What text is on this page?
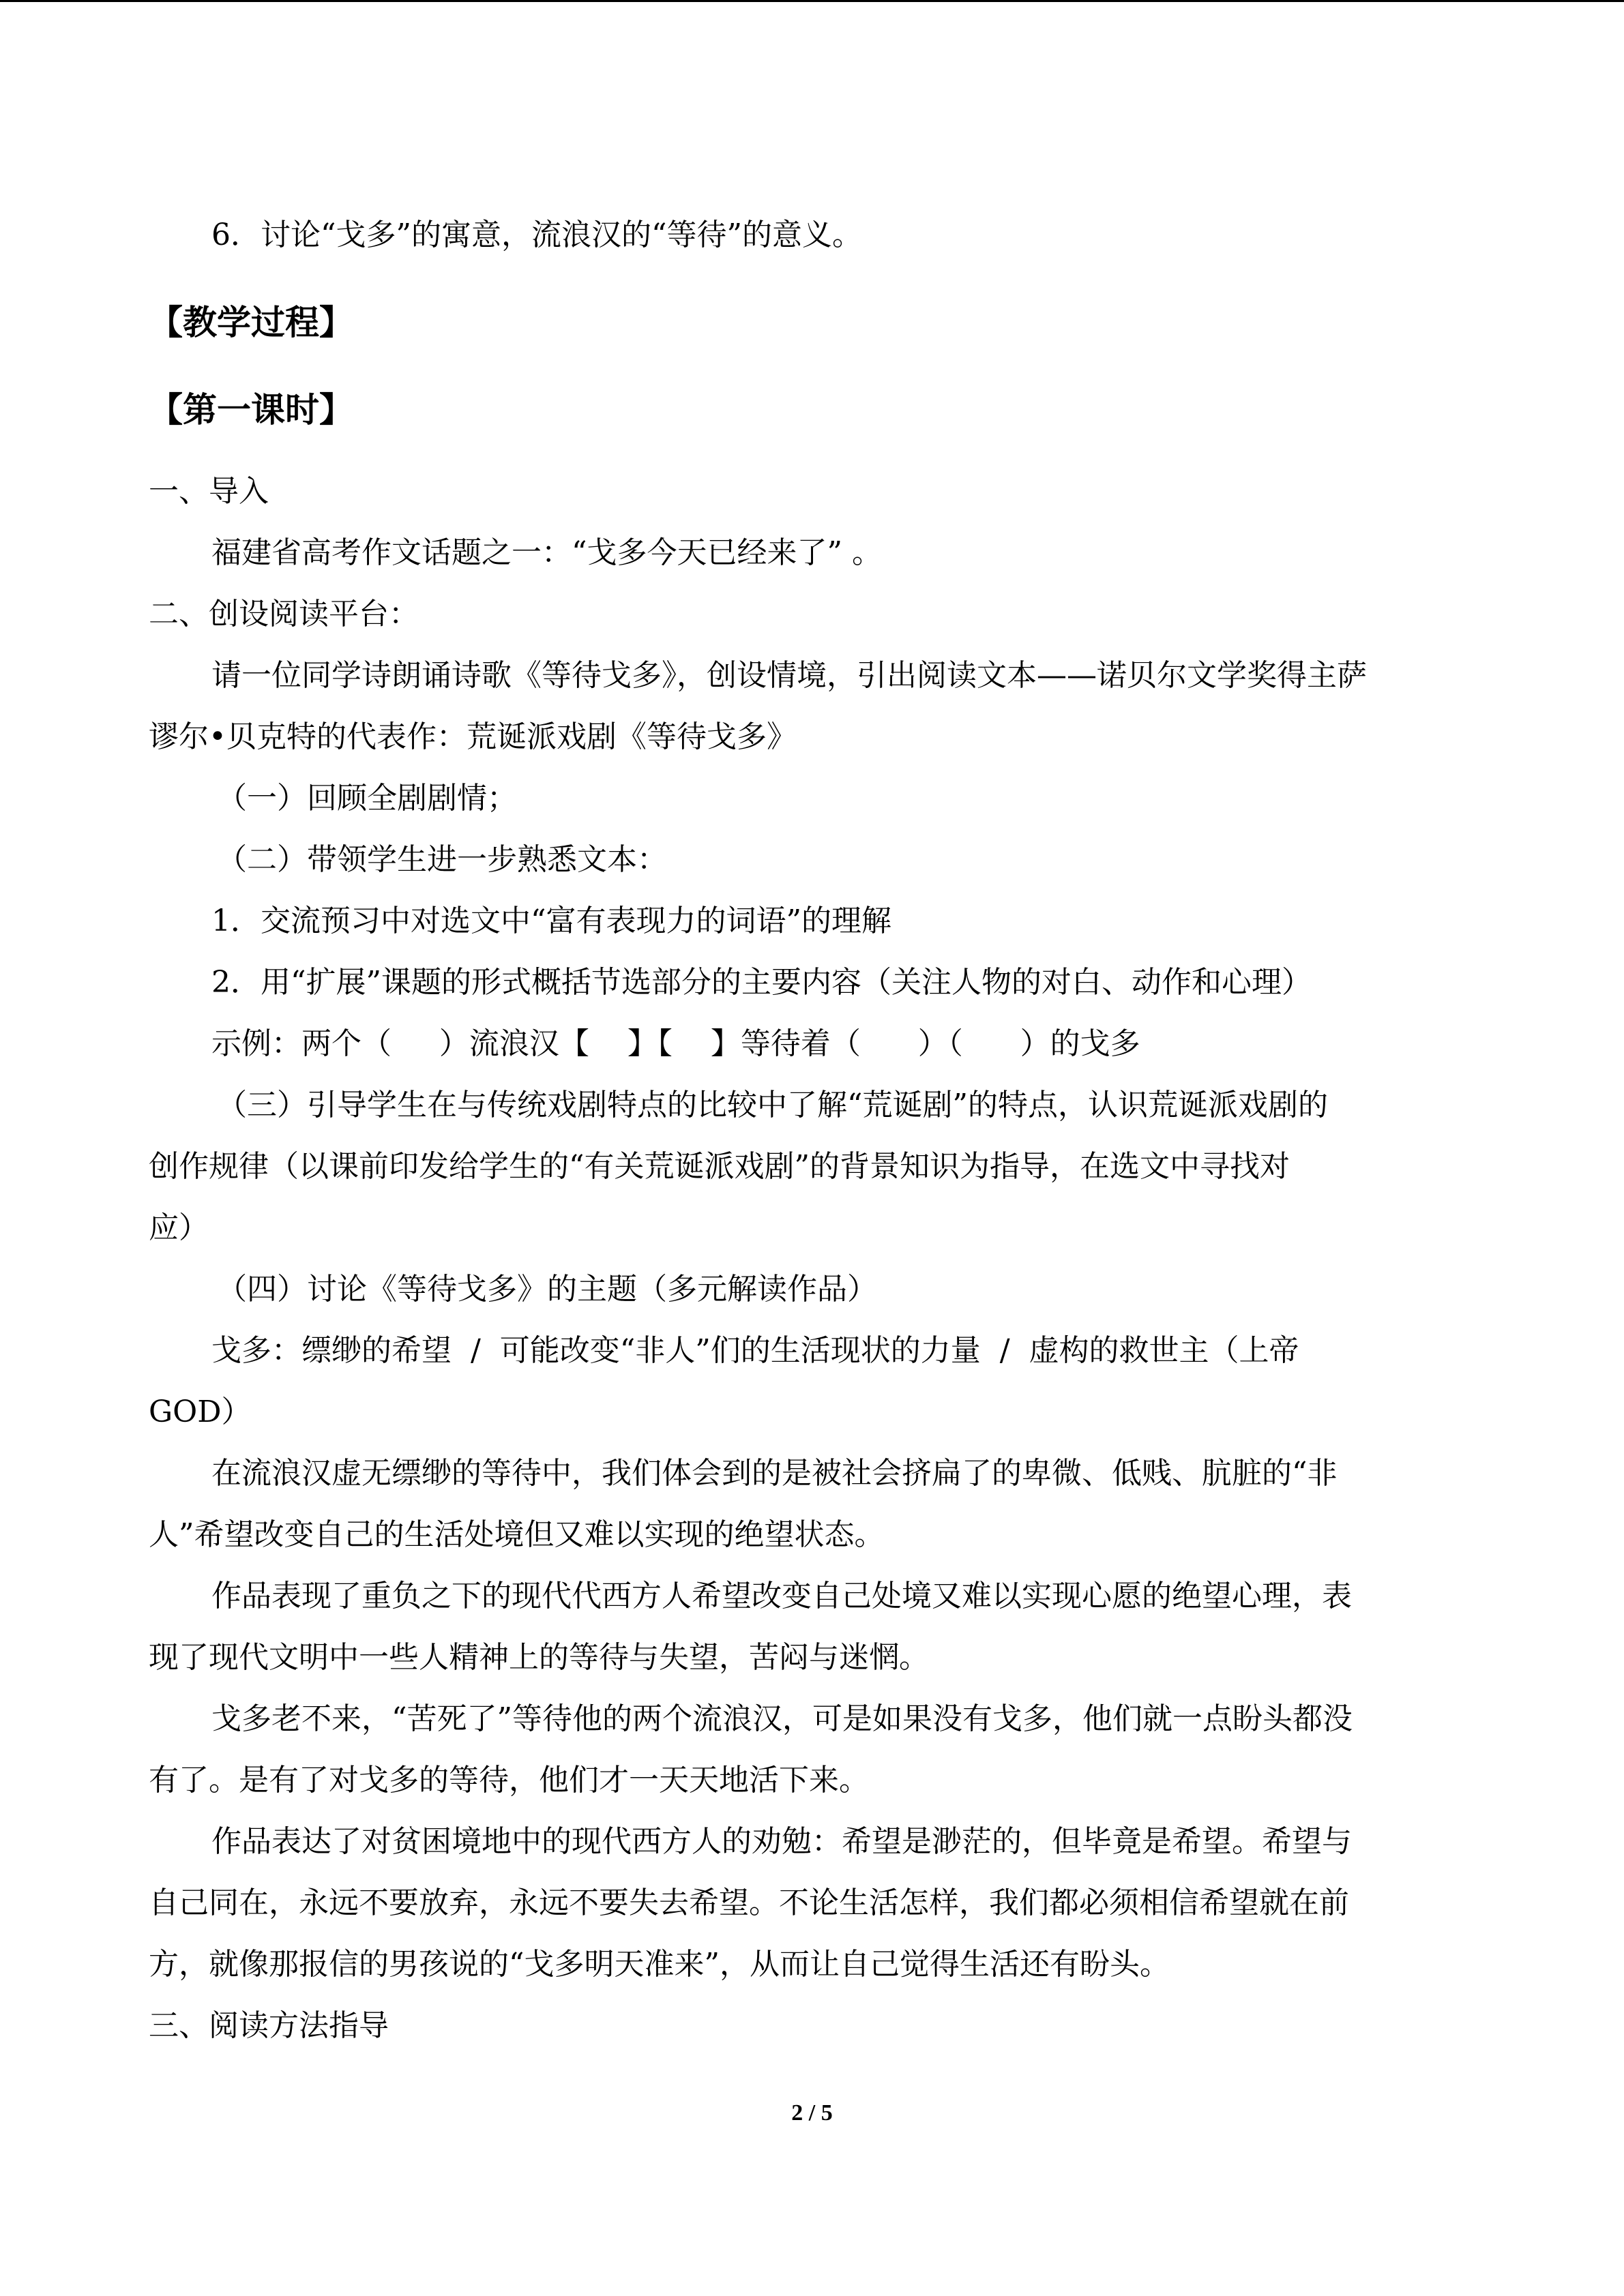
6．讨论“戈多”的寓意，流浪汉的“等待”的意义。

【教学过程】

【第一课时】

一、导入

福建省高考作文话题之一：“戈多今天已经来了” 。

二、创设阅读平台：

请一位同学诗朗诵诗歌《等待戈多》，创设情境，引出阅读文本——诺贝尔文学奖得主萨

谬尔•贝克特的代表作：荒诞派戏剧《等待戈多》

（一）回顾全剧剧情；

（二）带领学生进一步熟悉文本：

1．交流预习中对选文中“富有表现力的词语”的理解

2．用“扩展”课题的形式概括节选部分的主要内容（关注人物的对白、动作和心理）

示例：两个（     ）流浪汉【    】【    】等待着（      ）（      ）的戈多

（三）引导学生在与传统戏剧特点的比较中了解“荒诞剧”的特点，认识荒诞派戏剧的

创作规律（以课前印发给学生的“有关荒诞派戏剧”的背景知识为指导，在选文中寻找对

应）

（四）讨论《等待戈多》的主题（多元解读作品）

戈多：缥缈的希望  /  可能改变“非人”们的生活现状的力量  /  虚构的救世主（上帝

GOD）

在流浪汉虚无缥缈的等待中，我们体会到的是被社会挤扁了的卑微、低贱、肮脏的“非

人”希望改变自己的生活处境但又难以实现的绝望状态。

作品表现了重负之下的现代代西方人希望改变自己处境又难以实现心愿的绝望心理，表

现了现代文明中一些人精神上的等待与失望，苦闷与迷惘。

戈多老不来，“苦死了”等待他的两个流浪汉，可是如果没有戈多，他们就一点盼头都没

有了。是有了对戈多的等待，他们才一天天地活下来。

作品表达了对贫困境地中的现代西方人的劝勉：希望是渺茫的，但毕竟是希望。希望与

自己同在，永远不要放弃，永远不要失去希望。不论生活怎样，我们都必须相信希望就在前

方，就像那报信的男孩说的“戈多明天准来”，从而让自己觉得生活还有盼头。

三、阅读方法指导

2 / 5
